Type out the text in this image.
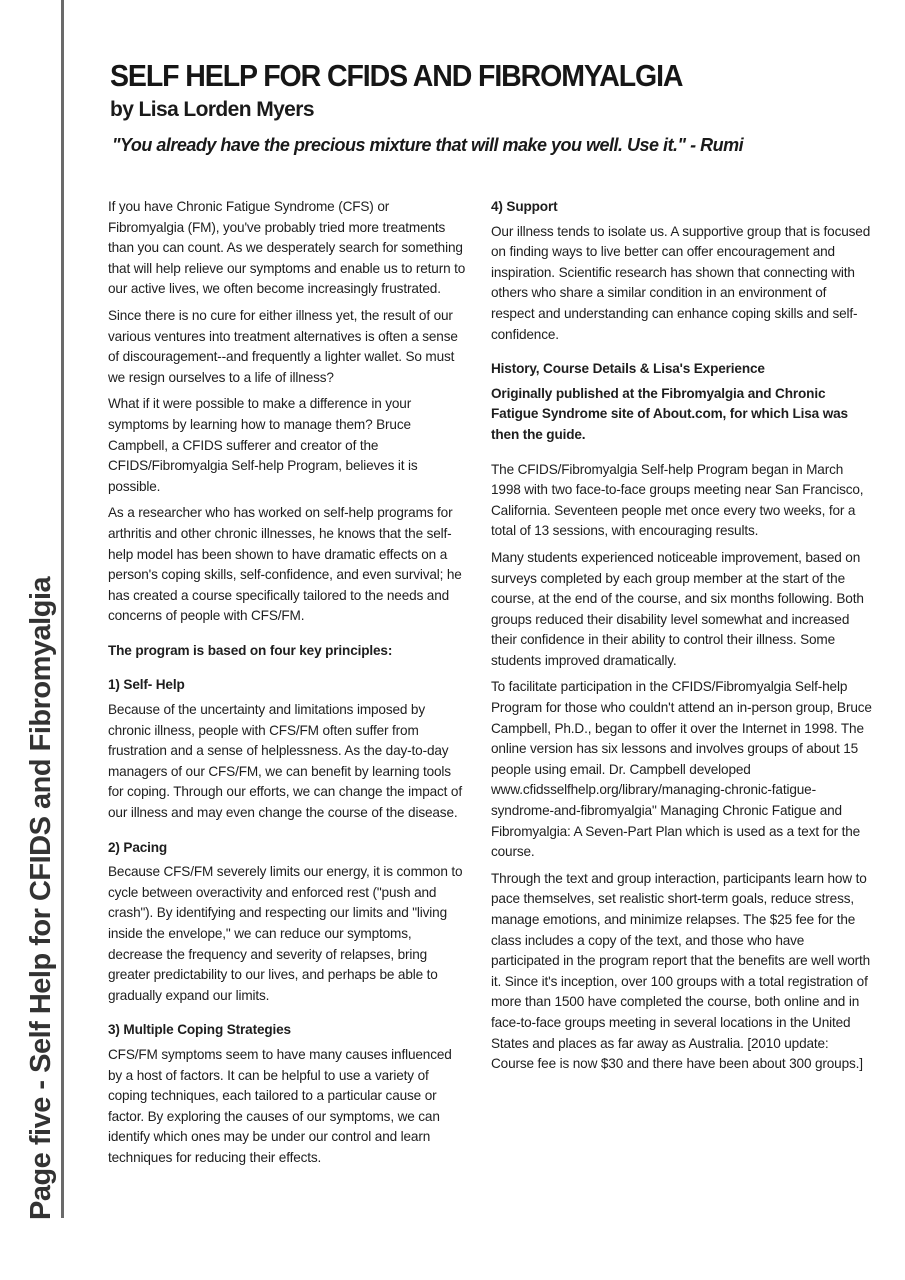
Page five - Self Help for CFIDS and Fibromyalgia
SELF HELP FOR CFIDS AND FIBROMYALGIA
by Lisa Lorden Myers
"You already have the precious mixture that will make you well. Use it." - Rumi

If you have Chronic Fatigue Syndrome (CFS) or Fibromyalgia (FM), you've probably tried more treatments than you can count. As we desperately search for something that will help relieve our symptoms and enable us to return to our active lives, we often become increasingly frustrated.

Since there is no cure for either illness yet, the result of our various ventures into treatment alternatives is often a sense of discouragement--and frequently a lighter wallet. So must we resign ourselves to a life of illness?

What if it were possible to make a difference in your symptoms by learning how to manage them? Bruce Campbell, a CFIDS sufferer and creator of the CFIDS/Fibromyalgia Self-help Program, believes it is possible.

As a researcher who has worked on self-help programs for arthritis and other chronic illnesses, he knows that the self-help model has been shown to have dramatic effects on a person's coping skills, self-confidence, and even survival; he has created a course specifically tailored to the needs and concerns of people with CFS/FM.

The program is based on four key principles:
1) Self- Help

Because of the uncertainty and limitations imposed by chronic illness, people with CFS/FM often suffer from frustration and a sense of helplessness. As the day-to-day managers of our CFS/FM, we can benefit by learning tools for coping. Through our efforts, we can change the impact of our illness and may even change the course of the disease.

2) Pacing

Because CFS/FM severely limits our energy, it is common to cycle between overactivity and enforced rest ("push and crash"). By identifying and respecting our limits and "living inside the envelope," we can reduce our symptoms, decrease the frequency and severity of relapses, bring greater predictability to our lives, and perhaps be able to gradually expand our limits.

3) Multiple Coping Strategies

CFS/FM symptoms seem to have many causes influenced by a host of factors. It can be helpful to use a variety of coping techniques, each tailored to a particular cause or factor. By exploring the causes of our symptoms, we can identify which ones may be under our control and learn techniques for reducing their effects.

4) Support

Our illness tends to isolate us. A supportive group that is focused on finding ways to live better can offer encouragement and inspiration. Scientific research has shown that connecting with others who share a similar condition in an environment of respect and understanding can enhance coping skills and self-confidence.

History, Course Details & Lisa's Experience

Originally published at the Fibromyalgia and Chronic Fatigue Syndrome site of About.com, for which Lisa was then the guide.

The CFIDS/Fibromyalgia Self-help Program began in March 1998 with two face-to-face groups meeting near San Francisco, California. Seventeen people met once every two weeks, for a total of 13 sessions, with encouraging results.

Many students experienced noticeable improvement, based on surveys completed by each group member at the start of the course, at the end of the course, and six months following. Both groups reduced their disability level somewhat and increased their confidence in their ability to control their illness. Some students improved dramatically.

To facilitate participation in the CFIDS/Fibromyalgia Self-help Program for those who couldn't attend an in-person group, Bruce Campbell, Ph.D., began to offer it over the Internet in 1998. The online version has six lessons and involves groups of about 15 people using email. Dr. Campbell developed www.cfidsselfhelp.org/library/managing-chronic-fatigue-syndrome-and-fibromyalgia" Managing Chronic Fatigue and Fibromyalgia: A Seven-Part Plan which is used as a text for the course.

Through the text and group interaction, participants learn how to pace themselves, set realistic short-term goals, reduce stress, manage emotions, and minimize relapses. The $25 fee for the class includes a copy of the text, and those who have participated in the program report that the benefits are well worth it. Since it's inception, over 100 groups with a total registration of more than 1500 have completed the course, both online and in face-to-face groups meeting in several locations in the United States and places as far away as Australia. [2010 update: Course fee is now $30 and there have been about 300 groups.]
